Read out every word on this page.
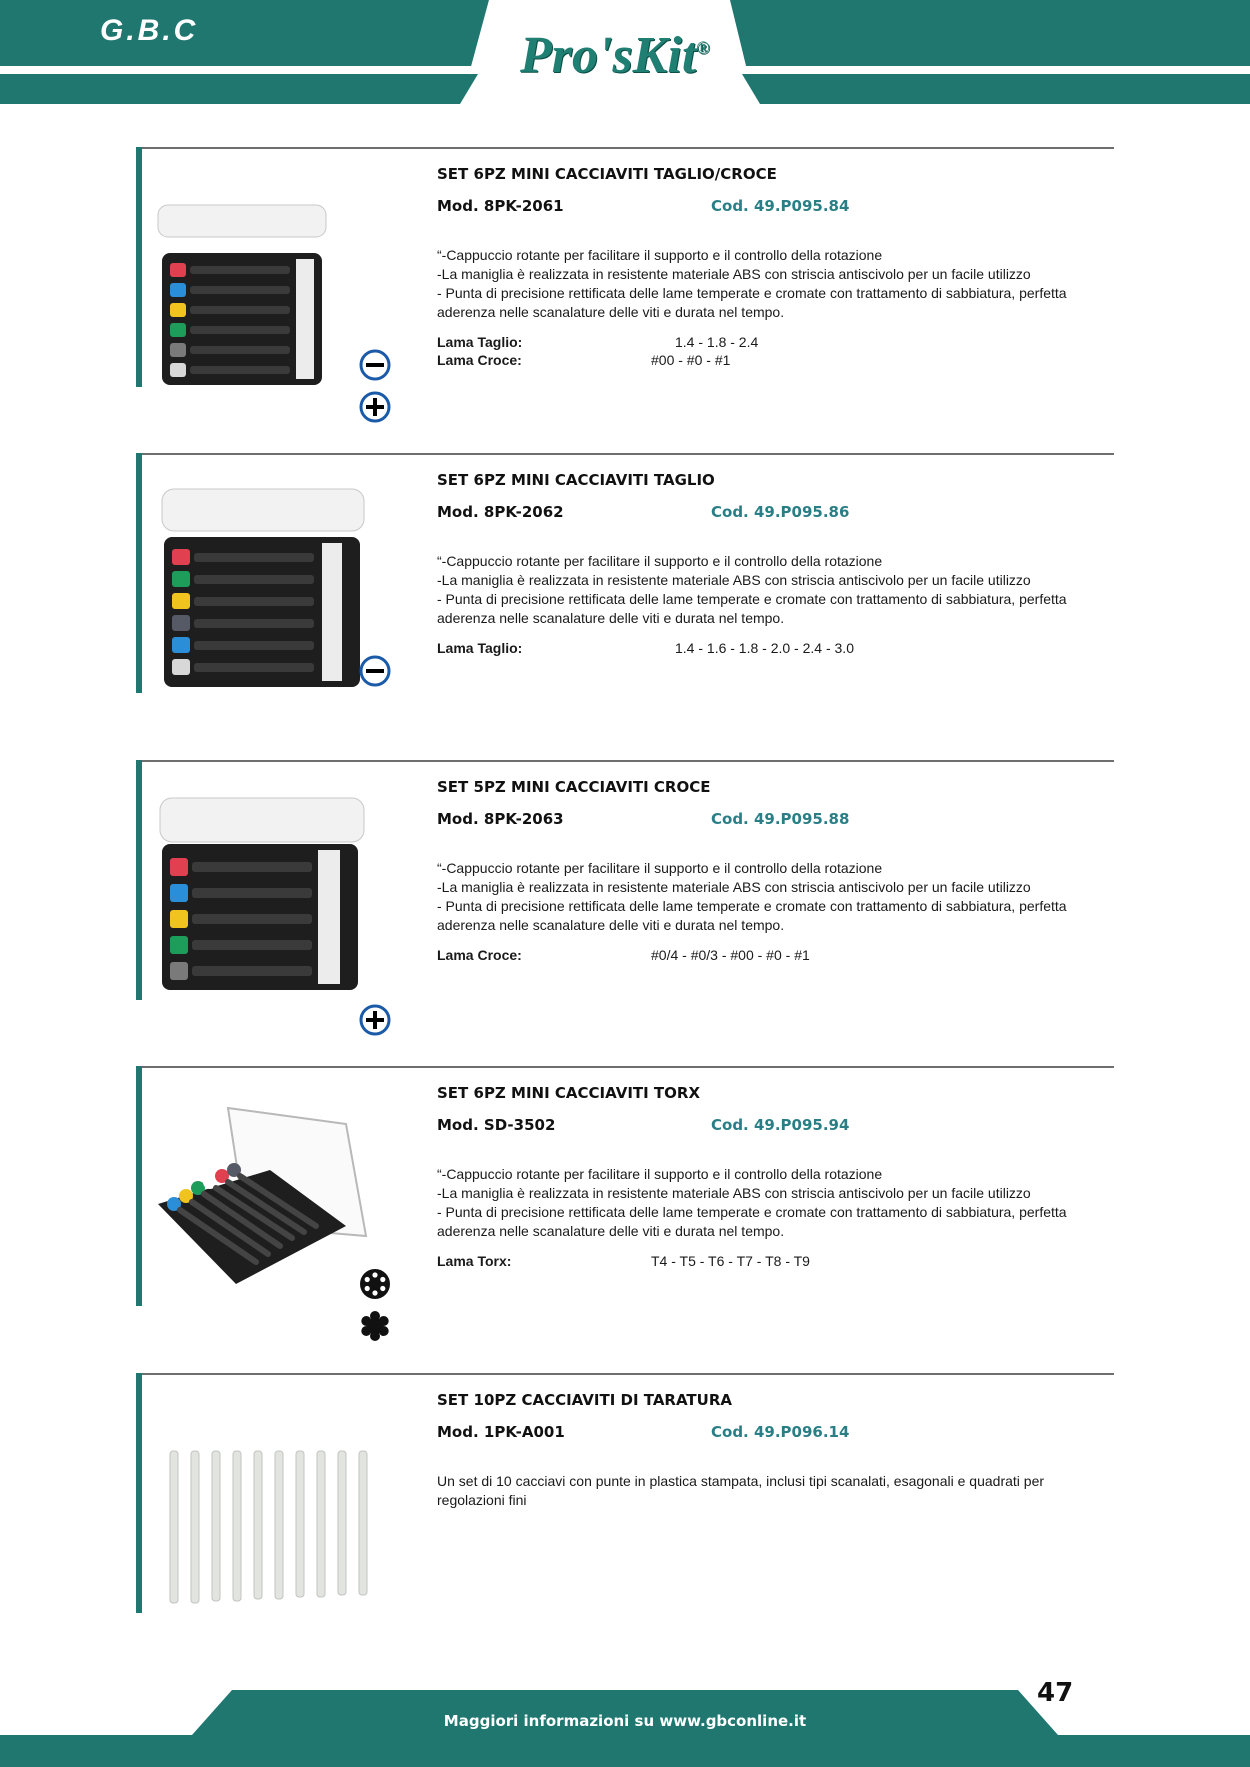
G.B.C	Pro'sKit®
SET 6PZ MINI CACCIAVITI TAGLIO/CROCE
Mod. 8PK-2061	Cod. 49.P095.84

“-Cappuccio rotante per facilitare il supporto e il controllo della rotazione

-La maniglia è realizzata in resistente materiale ABS con striscia antiscivolo per un facile utilizzo

- Punta di precisione rettificata delle lame temperate e cromate con trattamento di sabbiatura, perfetta aderenza nelle scanalature delle viti e durata nel tempo.

Lama Taglio:	1.4 - 1.8 - 2.4
Lama Croce:	#00 - #0 - #1
SET 6PZ MINI CACCIAVITI TAGLIO
Mod. 8PK-2062	Cod. 49.P095.86

“-Cappuccio rotante per facilitare il supporto e il controllo della rotazione

-La maniglia è realizzata in resistente materiale ABS con striscia antiscivolo per un facile utilizzo

- Punta di precisione rettificata delle lame temperate e cromate con trattamento di sabbiatura, perfetta aderenza nelle scanalature delle viti e durata nel tempo.

Lama Taglio:	1.4 - 1.6 - 1.8 - 2.0 - 2.4 - 3.0
SET 5PZ MINI CACCIAVITI CROCE
Mod. 8PK-2063	Cod. 49.P095.88

“-Cappuccio rotante per facilitare il supporto e il controllo della rotazione

-La maniglia è realizzata in resistente materiale ABS con striscia antiscivolo per un facile utilizzo

- Punta di precisione rettificata delle lame temperate e cromate con trattamento di sabbiatura, perfetta aderenza nelle scanalature delle viti e durata nel tempo.

Lama Croce:	#0/4 - #0/3 - #00 - #0 - #1
SET 6PZ MINI CACCIAVITI TORX
Mod. SD-3502	Cod. 49.P095.94

“-Cappuccio rotante per facilitare il supporto e il controllo della rotazione

-La maniglia è realizzata in resistente materiale ABS con striscia antiscivolo per un facile utilizzo

- Punta di precisione rettificata delle lame temperate e cromate con trattamento di sabbiatura, perfetta aderenza nelle scanalature delle viti e durata nel tempo.

Lama Torx:	T4 - T5 - T6 - T7 - T8 - T9
SET 10PZ CACCIAVITI DI TARATURA
Mod. 1PK-A001	Cod. 49.P096.14

Un set di 10 cacciavi con punte in plastica stampata, inclusi tipi scanalati, esagonali e quadrati per regolazioni fini

47
Maggiori informazioni su www.gbconline.it
